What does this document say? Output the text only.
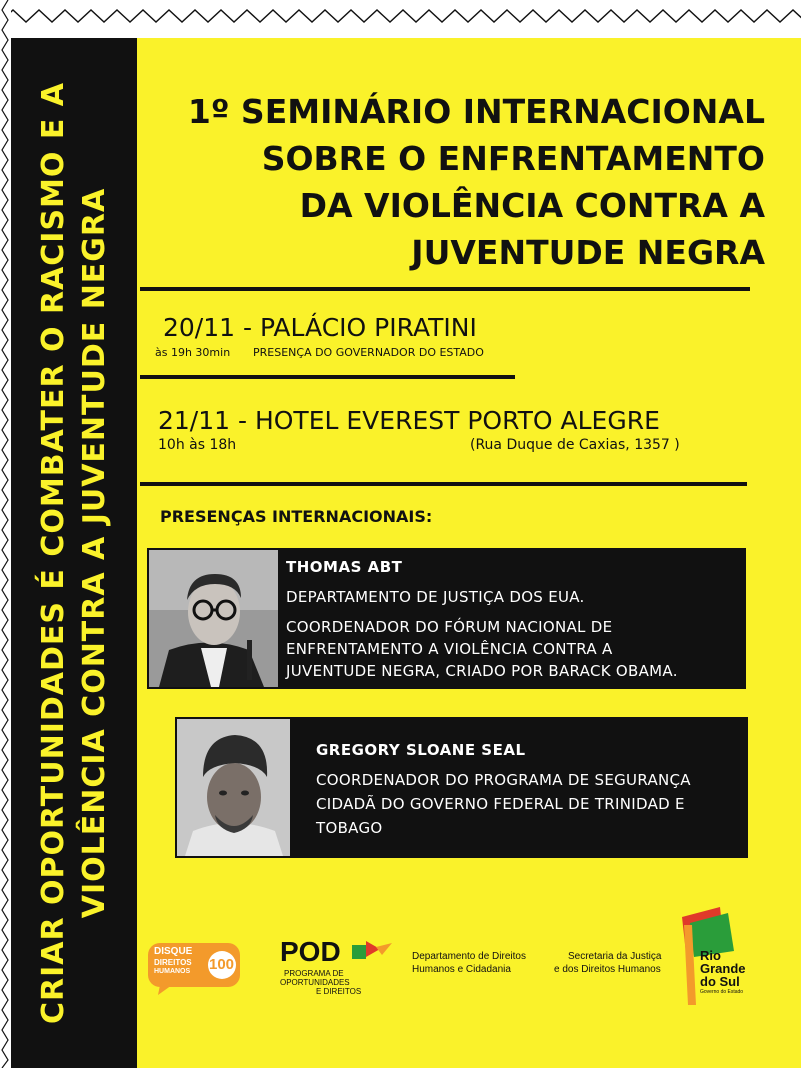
CRIAR OPORTUNIDADES É COMBATER O RACISMO E A VIOLÊNCIA CONTRA A JUVENTUDE NEGRA
1º SEMINÁRIO INTERNACIONAL
SOBRE O ENFRENTAMENTO
DA VIOLÊNCIA CONTRA A
JUVENTUDE NEGRA
20/11 - PALÁCIO PIRATINI
às 19h 30min PRESENÇA DO GOVERNADOR DO ESTADO
21/11 - HOTEL EVEREST PORTO ALEGRE
10h às 18h	(Rua Duque de Caxias, 1357 )
PRESENÇAS INTERNACIONAIS:
THOMAS ABT
DEPARTAMENTO DE JUSTIÇA DOS EUA.
COORDENADOR DO FÓRUM NACIONAL DE
ENFRENTAMENTO A VIOLÊNCIA CONTRA A
JUVENTUDE NEGRA, CRIADO POR BARACK OBAMA.
GREGORY SLOANE SEAL
COORDENADOR DO PROGRAMA DE SEGURANÇA
CIDADÃ DO GOVERNO FEDERAL DE TRINIDAD E
TOBAGO
DISQUE
DIREITOS
HUMANOS 100 POD
PROGRAMA DE
OPORTUNIDADES
E DIREITOS
Departamento de Direitos
Humanos e Cidadania
Secretaria da Justiça
e dos Direitos Humanos
Rio
Grande
do Sul
Governo do Estado
